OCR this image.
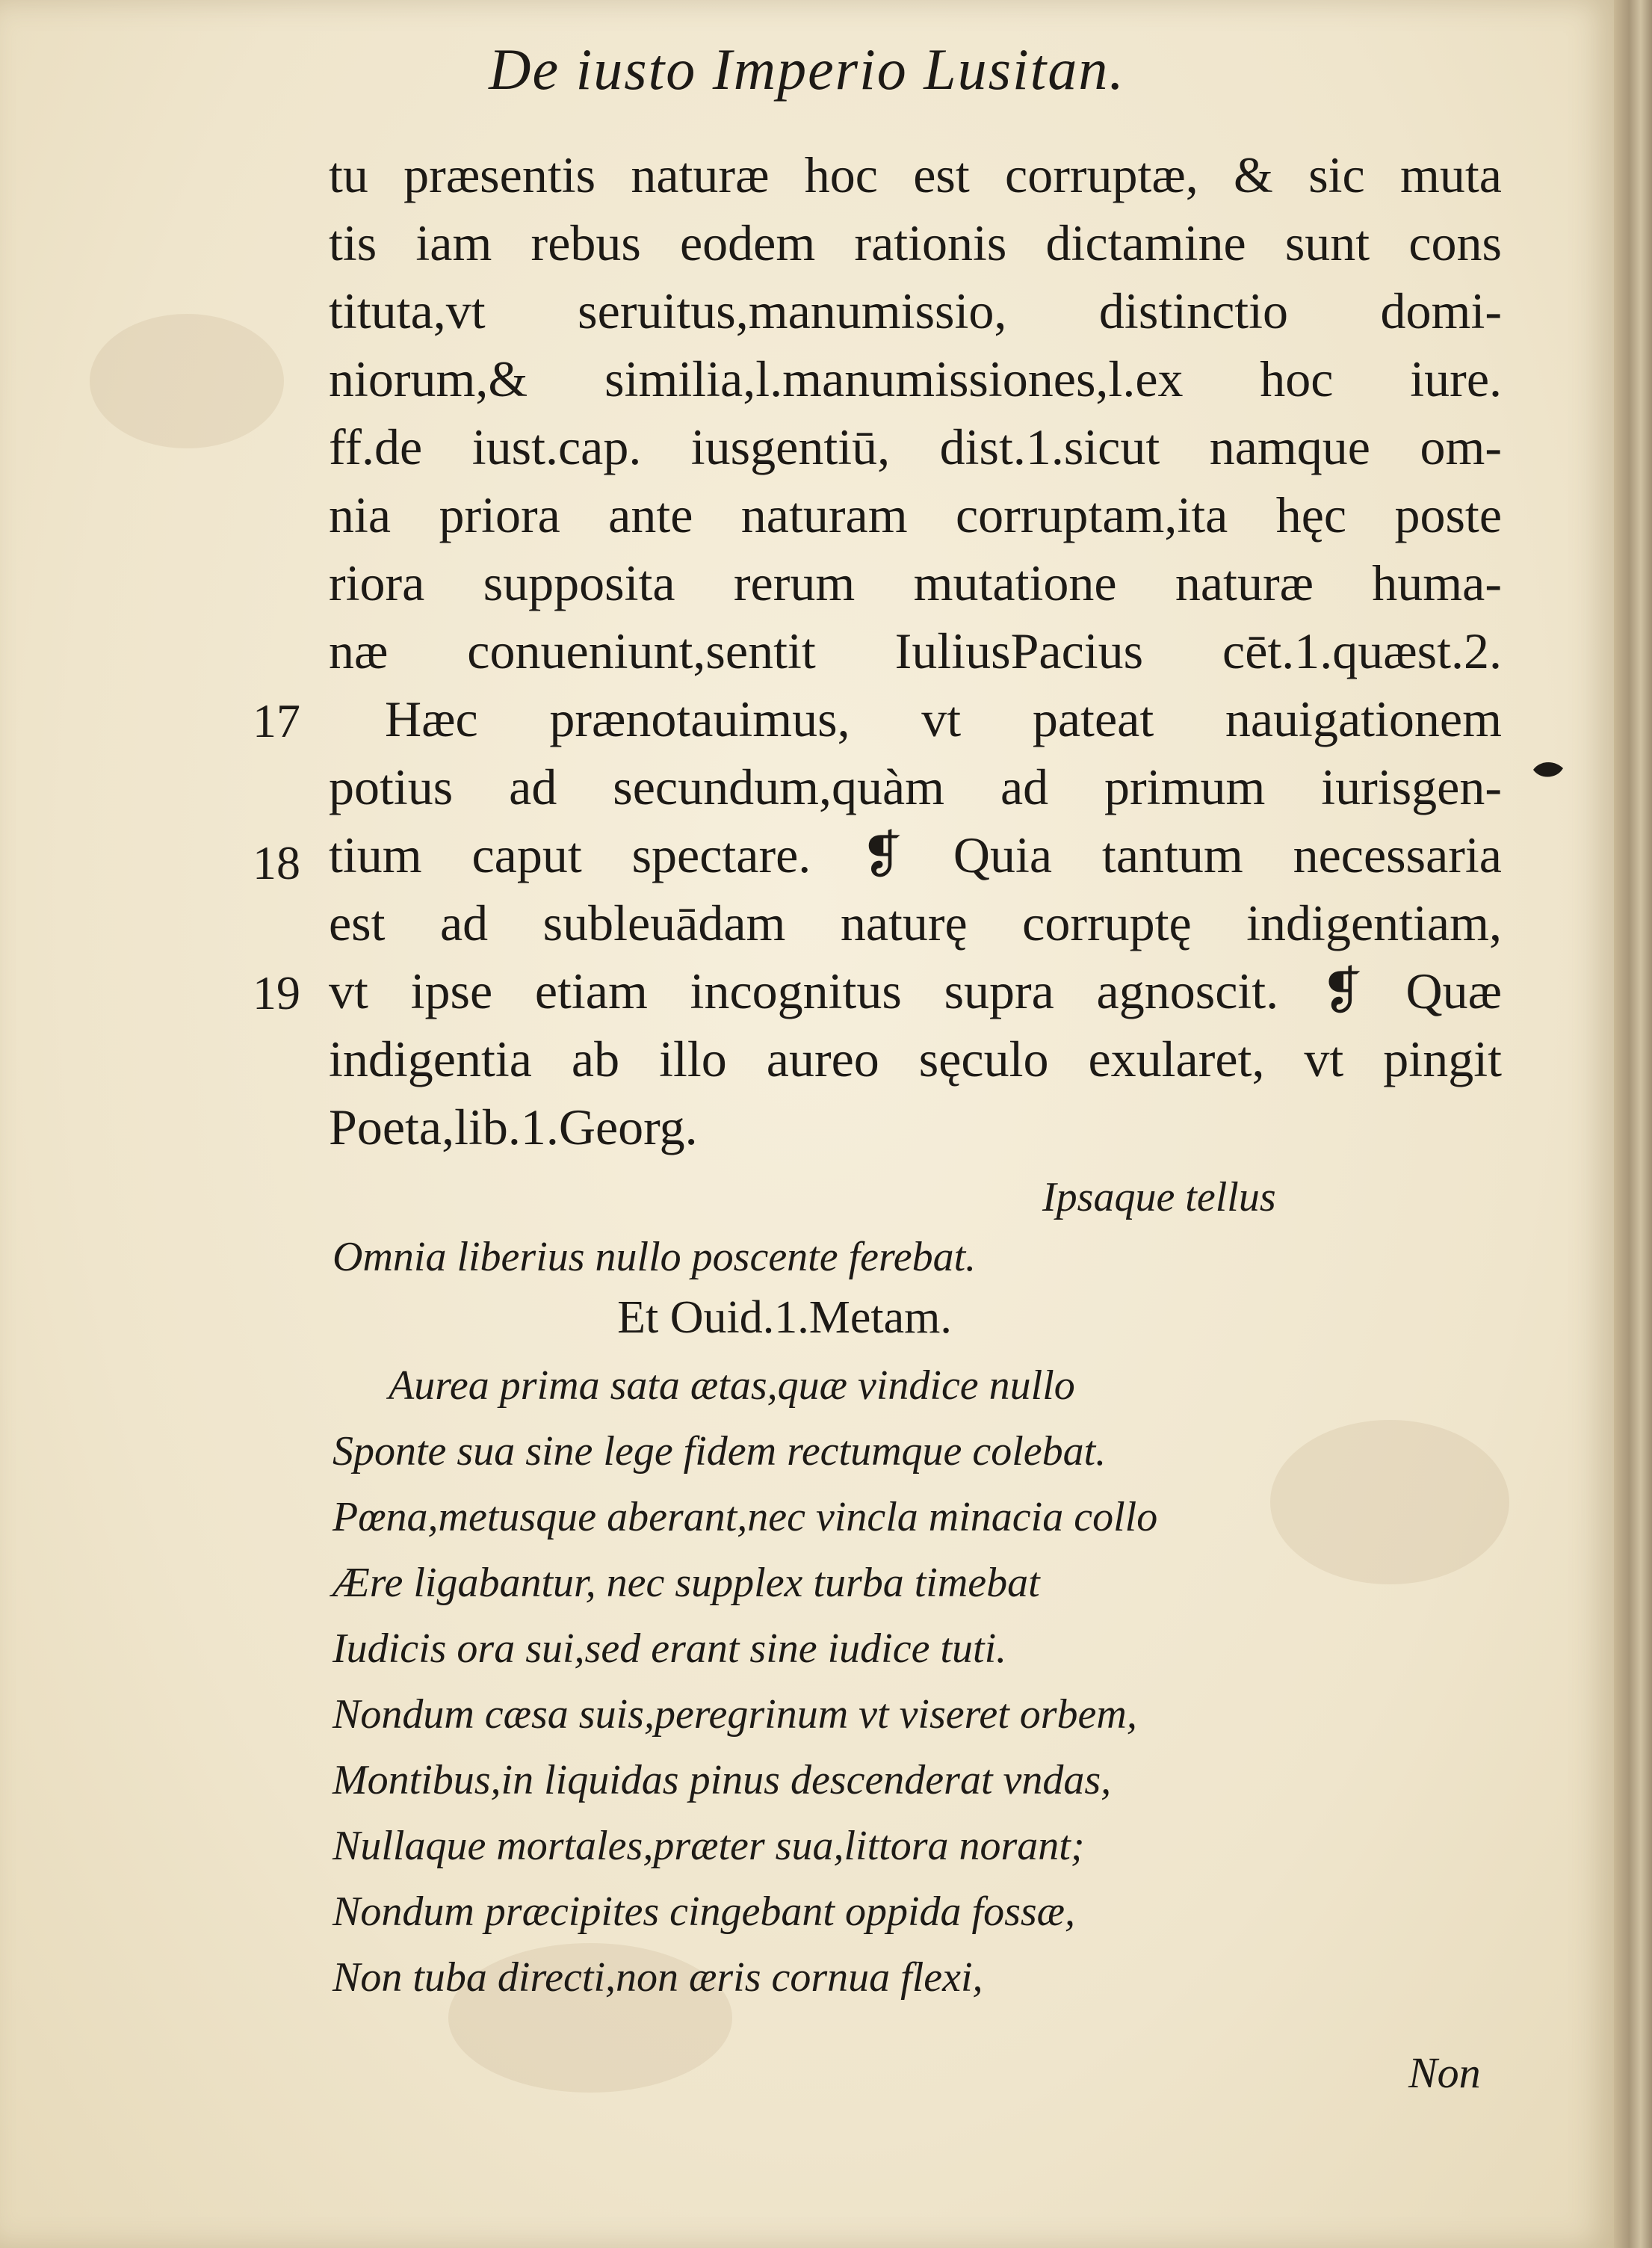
De iusto Imperio Lusitan.
tu præsentis naturæ hoc est corruptæ, & sic muta
tis iam rebus eodem rationis dictamine sunt cons
tituta,vt seruitus,manumissio, distinctio domi-
niorum,& similia,l.manumissiones,l.ex hoc iure.
ff.de iust.cap. iusgentiū, dist.1.sicut namque om-
nia priora ante naturam corruptam,ita hęc poste
riora supposita rerum mutatione naturæ huma-
næ conueniunt,sentit IuliusPacius cēt.1.quæst.2.
Hæc prænotauimus, vt pateat nauigationem
potius ad secundum,quàm ad primum iurisgen-
tium caput spectare. ❡ Quia tantum necessaria
est ad subleuādam naturę corruptę indigentiam,
vt ipse etiam incognitus supra agnoscit. ❡ Quæ
indigentia ab illo aureo sęculo exularet, vt pingit
Poeta,lib.1.Georg.
17
18
19
Ipsaque tellus
Omnia liberius nullo poscente ferebat.
Et Ouid.1.Metam.
Aurea prima sata ætas,quæ vindice nullo
Sponte sua sine lege fidem rectumque colebat.
Pœna,metusque aberant,nec vincla minacia collo
Ære ligabantur, nec supplex turba timebat
Iudicis ora sui,sed erant sine iudice tuti.
Nondum cæsa suis,peregrinum vt viseret orbem,
Montibus,in liquidas pinus descenderat vndas,
Nullaque mortales,præter sua,littora norant;
Nondum præcipites cingebant oppida fossæ,
Non tuba directi,non æris cornua flexi,
Non
